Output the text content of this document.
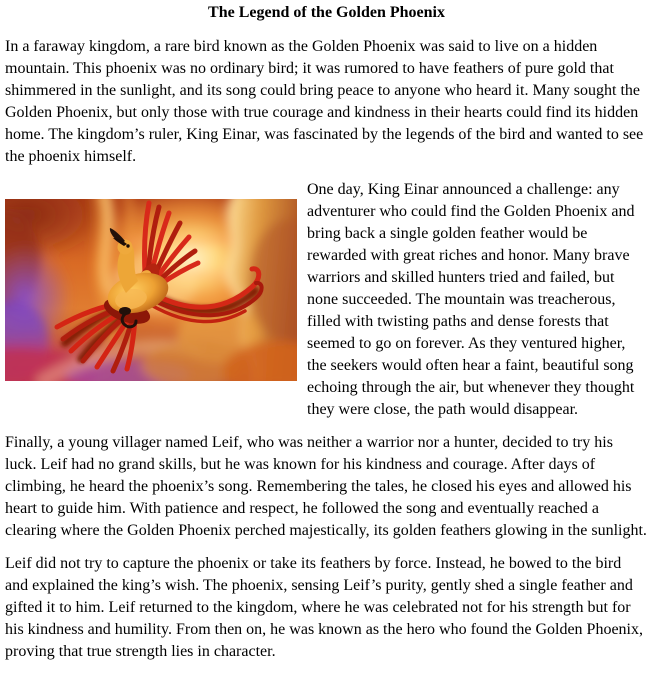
The Legend of the Golden Phoenix

In a faraway kingdom, a rare bird known as the Golden Phoenix was said to live on a hidden mountain. This phoenix was no ordinary bird; it was rumored to have feathers of pure gold that shimmered in the sunlight, and its song could bring peace to anyone who heard it. Many sought the Golden Phoenix, but only those with true courage and kindness in their hearts could find its hidden home. The kingdom’s ruler, King Einar, was fascinated by the legends of the bird and wanted to see the phoenix himself.

One day, King Einar announced a challenge: any adventurer who could find the Golden Phoenix and bring back a single golden feather would be rewarded with great riches and honor. Many brave warriors and skilled hunters tried and failed, but none succeeded. The mountain was treacherous, filled with twisting paths and dense forests that seemed to go on forever. As they ventured higher, the seekers would often hear a faint, beautiful song echoing through the air, but whenever they thought they were close, the path would disappear.

Finally, a young villager named Leif, who was neither a warrior nor a hunter, decided to try his luck. Leif had no grand skills, but he was known for his kindness and courage. After days of climbing, he heard the phoenix’s song. Remembering the tales, he closed his eyes and allowed his heart to guide him. With patience and respect, he followed the song and eventually reached a clearing where the Golden Phoenix perched majestically, its golden feathers glowing in the sunlight.

Leif did not try to capture the phoenix or take its feathers by force. Instead, he bowed to the bird and explained the king’s wish. The phoenix, sensing Leif’s purity, gently shed a single feather and gifted it to him. Leif returned to the kingdom, where he was celebrated not for his strength but for his kindness and humility. From then on, he was known as the hero who found the Golden Phoenix, proving that true strength lies in character.
